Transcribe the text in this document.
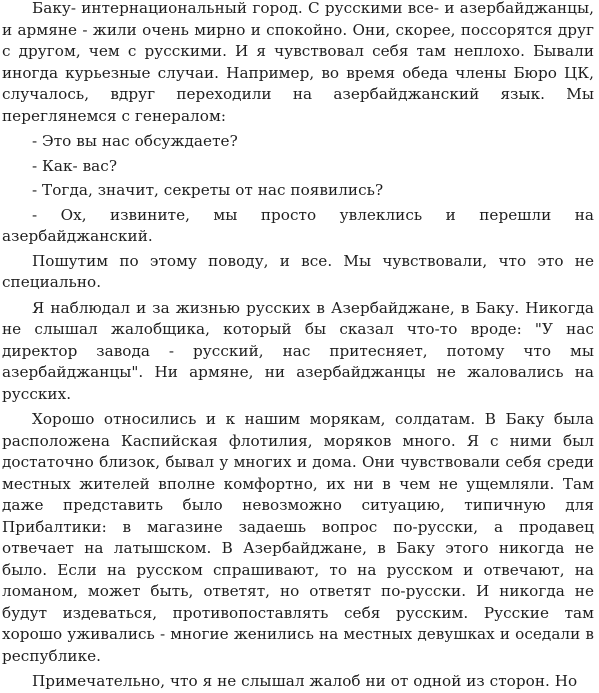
Баку- интернациональный город. С русскими все- и азербайджанцы, и армяне - жили очень мирно и спокойно. Они, скорее, поссорятся друг с другом, чем с русскими. И я чувствовал себя там неплохо. Бывали иногда курьезные случаи. Например, во время обеда члены Бюро ЦК, случалось, вдруг переходили на азербайджанский язык. Мы переглянемся с генералом:

- Это вы нас обсуждаете?

- Как- вас?

- Тогда, значит, секреты от нас появились?

- Ох, извините, мы просто увлеклись и перешли на азербайджанский.

Пошутим по этому поводу, и все. Мы чувствовали, что это не специально.

Я наблюдал и за жизнью русских в Азербайджане, в Баку. Никогда не слышал жалобщика, который бы сказал что-то вроде: "У нас директор завода - русский, нас притесняет, потому что мы азербайджанцы". Ни армяне, ни азербайджанцы не жаловались на русских.

Хорошо относились и к нашим морякам, солдатам. В Баку была расположена Каспийская флотилия, моряков много. Я с ними был достаточно близок, бывал у многих и дома. Они чувствовали себя среди местных жителей вполне комфортно, их ни в чем не ущемляли. Там даже представить было невозможно ситуацию, типичную для Прибалтики: в магазине задаешь вопрос по-русски, а продавец отвечает на латышском. В Азербайджане, в Баку этого никогда не было. Если на русском спрашивают, то на русском и отвечают, на ломаном, может быть, ответят, но ответят по-русски. И никогда не будут издеваться, противопоставлять себя русским. Русские там хорошо уживались - многие женились на местных девушках и оседали в республике.

Примечательно, что я не слышал жалоб ни от одной из сторон. Но
